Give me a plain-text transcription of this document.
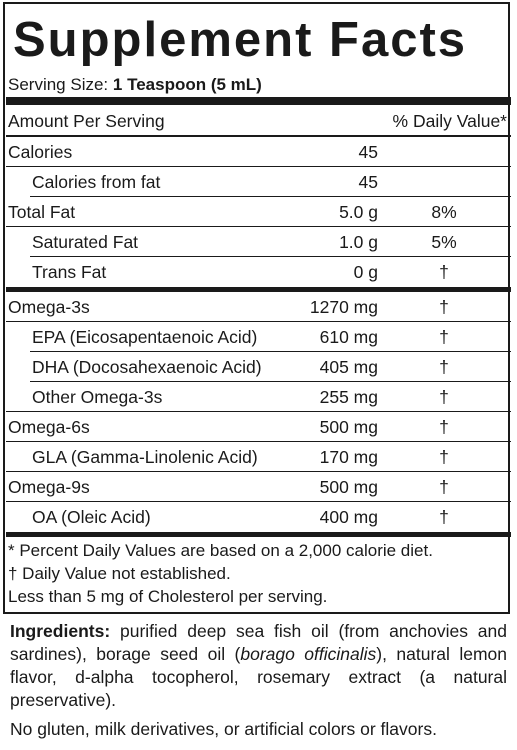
Supplement Facts
Serving Size: 1 Teaspoon (5 mL)
Amount Per Serving	% Daily Value*
Calories	45
Calories from fat	45
Total Fat	5.0 g	8%
Saturated Fat	1.0 g	5%
Trans Fat	0 g	†
Omega-3s	1270 mg	†
EPA (Eicosapentaenoic Acid)	610 mg	†
DHA (Docosahexaenoic Acid)	405 mg	†
Other Omega-3s	255 mg	†
Omega-6s	500 mg	†
GLA (Gamma-Linolenic Acid)	170 mg	†
Omega-9s	500 mg	†
OA (Oleic Acid)	400 mg	†
* Percent Daily Values are based on a 2,000 calorie diet.
† Daily Value not established.
Less than 5 mg of Cholesterol per serving.
Ingredients: purified deep sea fish oil (from anchovies and sardines), borage seed oil (borago officinalis), natural lemon flavor, d-alpha tocopherol, rosemary extract (a natural preservative).
No gluten, milk derivatives, or artificial colors or flavors.
